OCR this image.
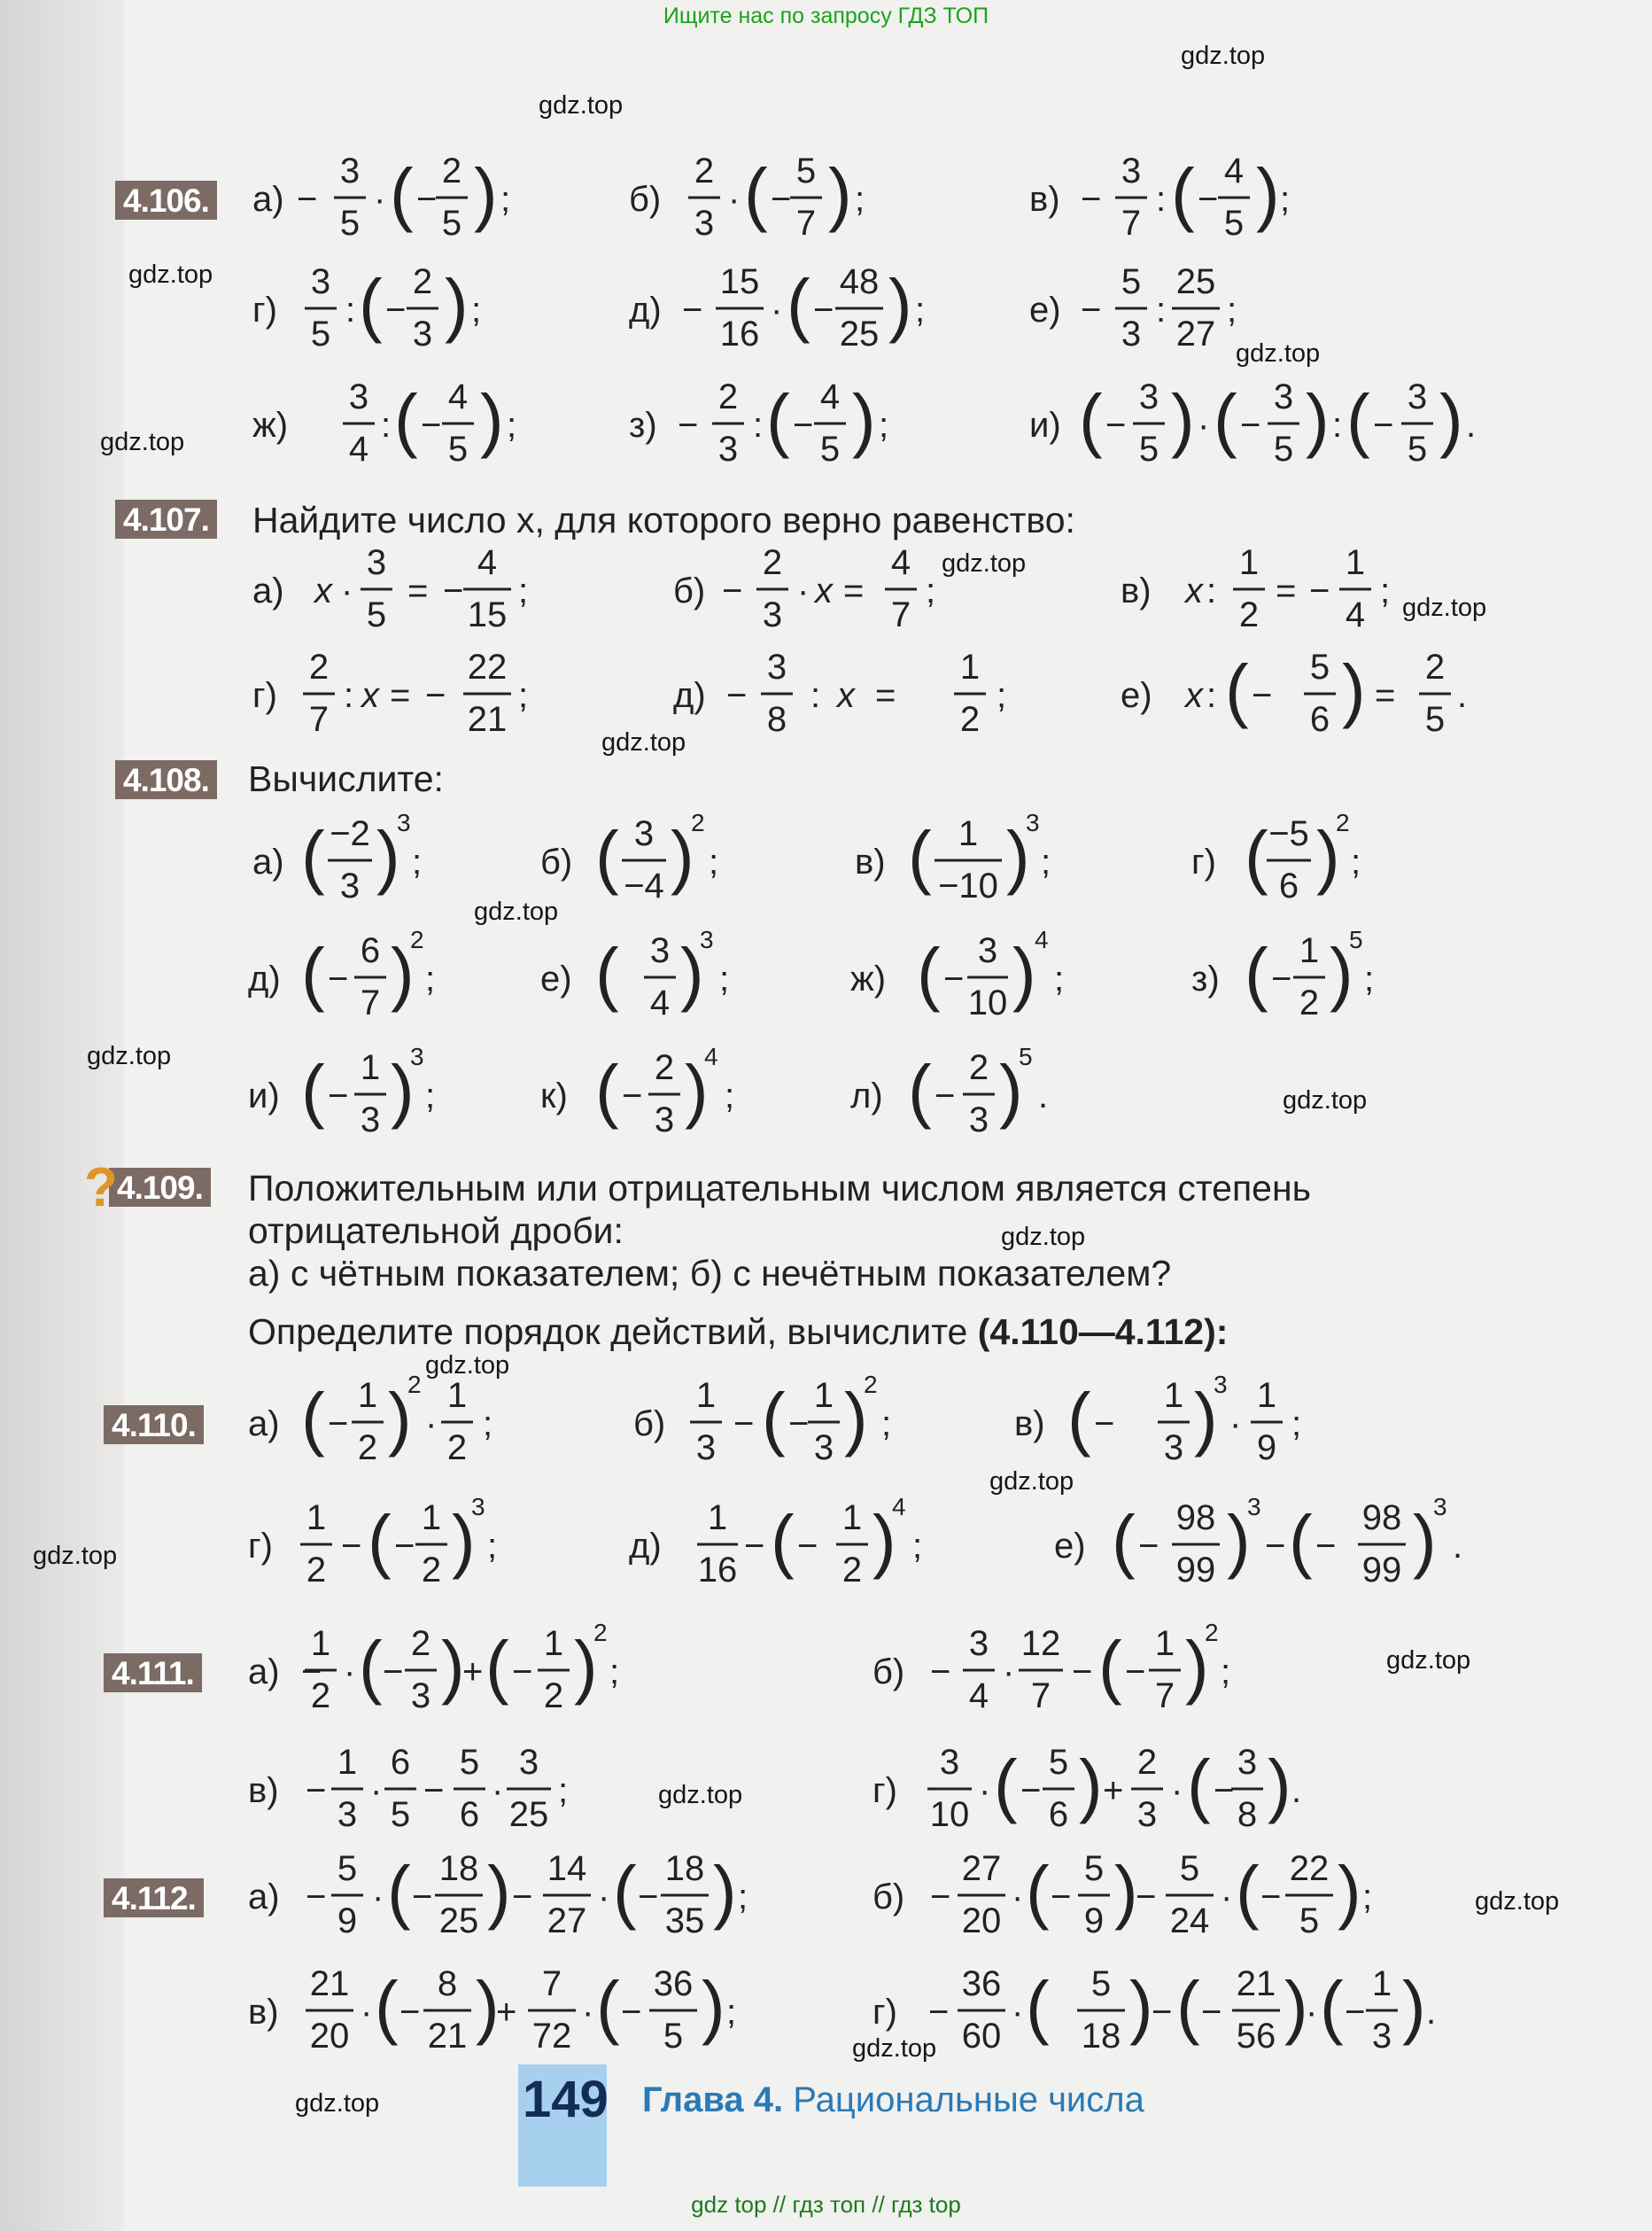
Ищите нас по запросу ГДЗ ТОП
gdz.top
gdz.top
gdz.top
gdz.top
gdz.top
gdz.top
gdz.top
gdz.top
gdz.top
gdz.top
gdz.top
gdz.top
gdz.top
gdz.top
gdz.top
gdz.top
gdz.top
gdz.top
gdz.top
gdz.top
4.106.
4.107.
4.108.
4.109.
4.110.
4.111.
4.112.
?
а) −
3
5
· ( −
2
5 ) ;	б)
2
3
· ( −
5
7 ) ;	в) −
3
7
: ( −
4
5 ) ;
г)
3
5
: ( −
2
3 ) ;	д) −
15
16
· ( −
48
25 ) ;	е) −
5
3
:
25
27
;
ж)
3
4
: ( −
4
5 ) ;	з) −
2
3
: ( −
4
5 ) ;	и) ( −
3
5 ) · ( −
3
5 ) : ( −
3
5 ) .
Найдите число x, для которого верно равенство:
а) x ·
3
5
= −
4
15
;	б) −
2
3
· x =
4
7
;	в) x :
1
2
= −
1
4
;
г)
2
7
: x = −
22
21
;	д) −
3
8
: x =
1
2
;	е) x : ( −
5
6 ) =
2
5
.
Вычислите:
а) ( −2
3 )
3
;	б) ( 3
−4 )
2
;	в) ( 1
−10 )
3
;	г) ( −5
6 )
2
;
д) ( −
6
7 )
2
;	е) ( 3
4 )
3
;	ж) ( −
3
10 )
4
;	з) ( −
1
2 )
5
;
и) ( −
1
3 )
3
;	к) ( −
2
3 )
4
;	л) ( −
2
3 )
5
.
Положительным или отрицательным числом является степень
отрицательной дроби:
а) с чётным показателем; б) с нечётным показателем?
Определите порядок действий, вычислите (4.110—4.112):
а) ( −
1
2 )
2
·
1
2
;	б)
1
3
− ( −
1
3 )
2
;	в) ( −
1
3 )
3
·
1
9
;
г)
1
2
− ( −
1
2 )
3
;	д)
1
16
− ( −
1
2 )
4
;	е) ( −
98
99 )
3
− ( −
98
99 )
3
.
а) −
1
2
· ( −
2
3 )
+ ( −
1
2 )
2
;	б) −
3
4
·
12
7
− ( −
1
7 )
2
;
в) −
1
3
·
6
5
−
5
6
·
3
25
;	г)
3
10
· ( −
5
6 ) +
2
3
· ( −
3
8 ) .
а) −
5
9
· ( −
18
25 ) −
14
27
· ( −
18
35 ) ;	б) −
27
20
· ( −
5
9 )
−
5
24
· ( −
22
5 ) ;
в)
21
20
· ( −
8
21 )
+
7
72
· ( −
36
5 ) ;	г) −
36
60
· ( 5
18 )
− ( −
21
56 )
· ( −
1
3 ) .
149 Глава 4. Рациональные числа
gdz top // гдз топ // гдз top
